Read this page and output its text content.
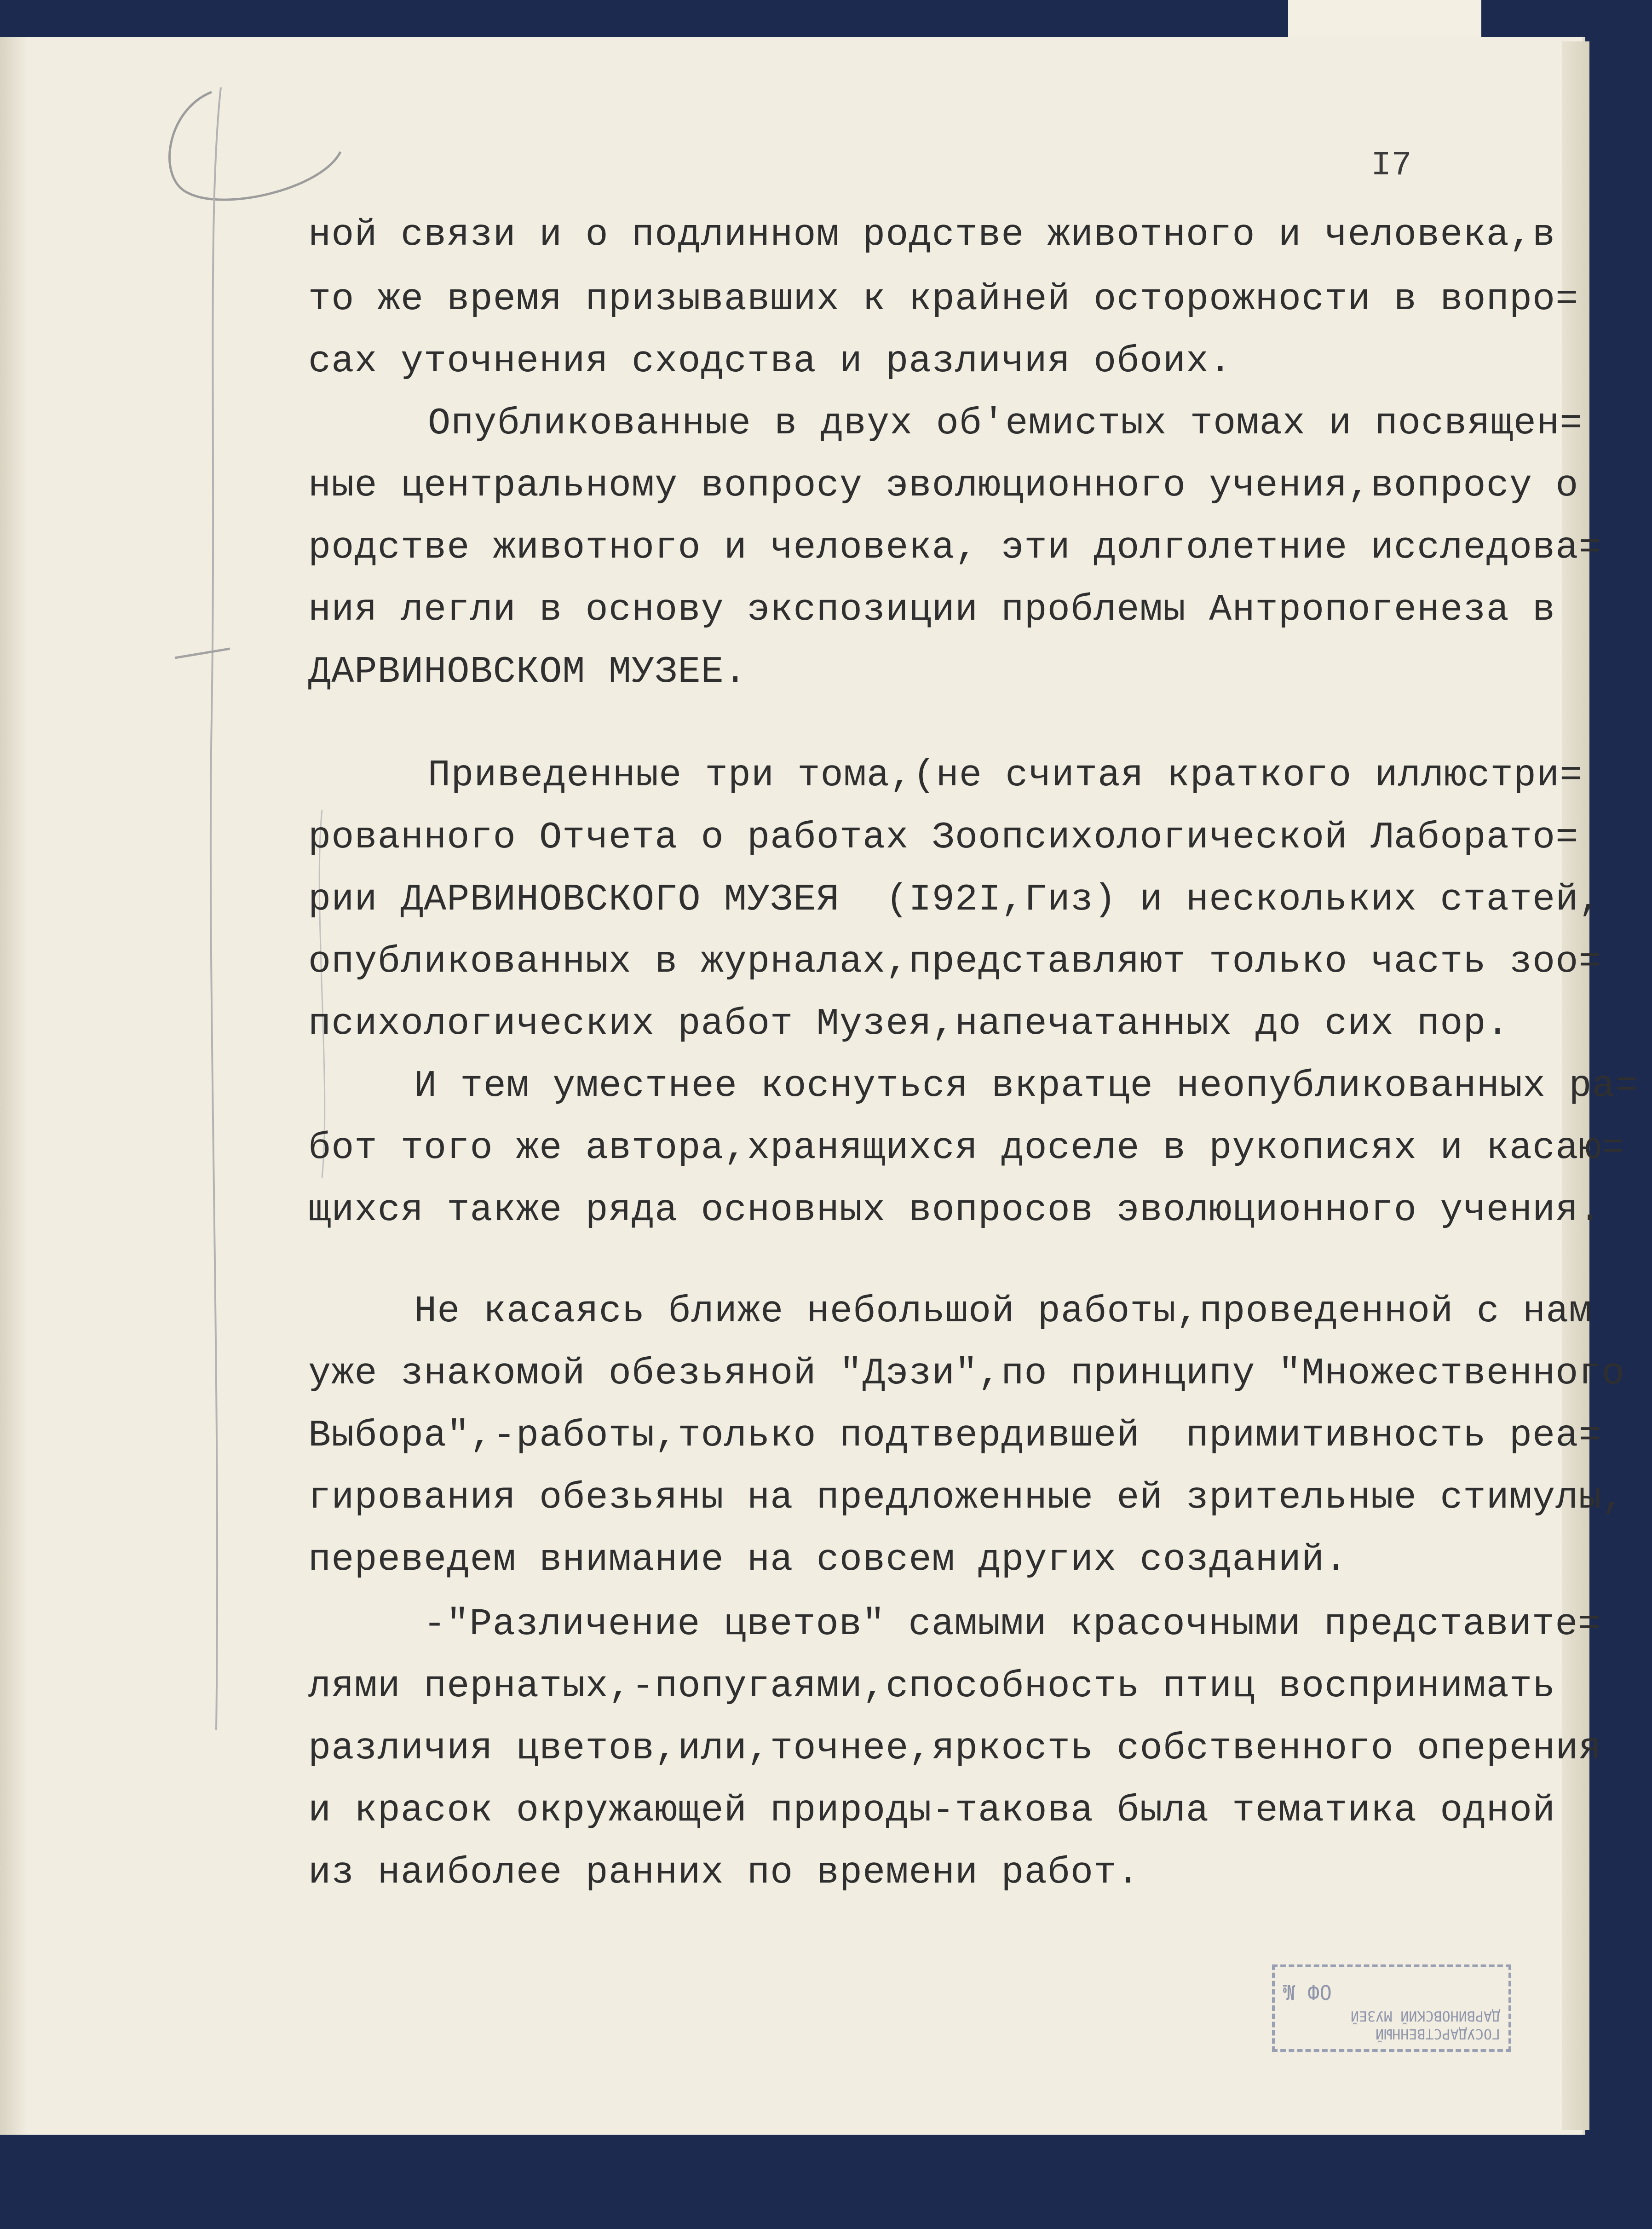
I7
ной связи и о подлинном родстве животного и человека,в
то же время призывавших к крайней осторожности в вопро=
сах уточнения сходства и различия обоих.
Опубликованные в двух об'емистых томах и посвящен=
ные центральному вопросу эволюционного учения,вопросу о
родстве животного и человека, эти долголетние исследова=
ния легли в основу экспозиции проблемы Антропогенеза в
ДАРВИНОВСКОМ МУЗЕЕ.
Приведенные три тома,(не считая краткого иллюстри=
рованного Отчета о работах Зоопсихологической Лаборато=
рии ДАРВИНОВСКОГО МУЗЕЯ  (I92I,Гиз) и нескольких статей,
опубликованных в журналах,представляют только часть зоо=
психологических работ Музея,напечатанных до сих пор.
И тем уместнее коснуться вкратце неопубликованных ра=
бот того же автора,хранящихся доселе в рукописях и касаю=
щихся также ряда основных вопросов эволюционного учения.
Не касаясь ближе небольшой работы,проведенной с нам
уже знакомой обезьяной "Дэзи",по принципу "Множественного
Выбора",-работы,только подтвердившей  примитивность реа=
гирования обезьяны на предложенные ей зрительные стимулы,
переведем внимание на совсем других созданий.
-"Различение цветов" самыми красочными представите=
лями пернатых,-попугаями,способность птиц воспринимать
различия цветов,или,точнее,яркость собственного оперения
и красок окружающей природы-такова была тематика одной
из наиболее ранних по времени работ.
ГОСУДАРСТВЕННЫЙ
ДАРВИНОВСКИЙ МУЗЕЙ
ОФ №
